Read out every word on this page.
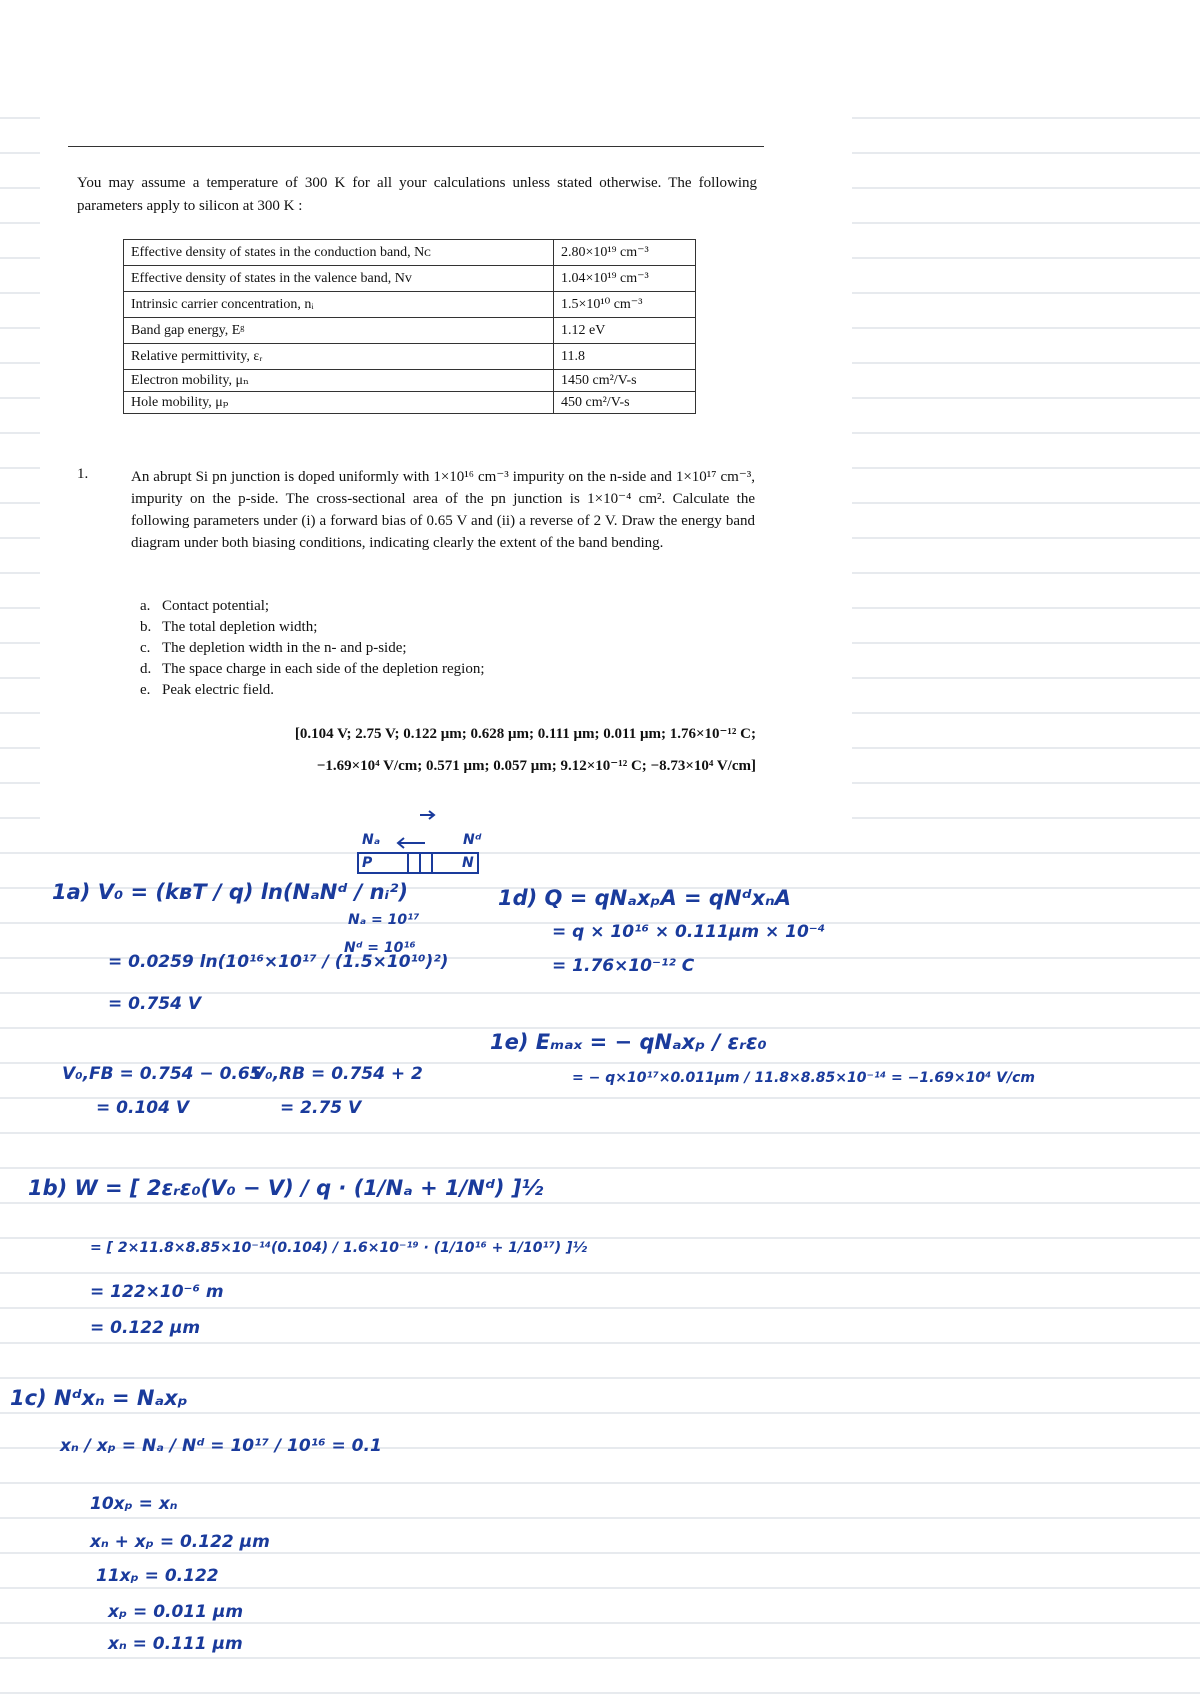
You may assume a temperature of 300 K for all your calculations unless stated otherwise. The following parameters apply to silicon at 300 K :
Effective density of states in the conduction band, Nᴄ	2.80×10¹⁹ cm⁻³
Effective density of states in the valence band, Nᴠ	1.04×10¹⁹ cm⁻³
Intrinsic carrier concentration, nᵢ	1.5×10¹⁰ cm⁻³
Band gap energy, Eᵍ	1.12 eV
Relative permittivity, εᵣ	11.8
Electron mobility, μₙ	1450 cm²/V-s
Hole mobility, μₚ	450 cm²/V-s
1.	An abrupt Si pn junction is doped uniformly with 1×10¹⁶ cm⁻³ impurity on the n-side and 1×10¹⁷ cm⁻³, impurity on the p-side. The cross-sectional area of the pn junction is 1×10⁻⁴ cm². Calculate the following parameters under (i) a forward bias of 0.65 V and (ii) a reverse of 2 V. Draw the energy band diagram under both biasing conditions, indicating clearly the extent of the band bending.
a. Contact potential;
b. The total depletion width;
c. The depletion width in the n- and p-side;
d. The space charge in each side of the depletion region;
e. Peak electric field.
[0.104 V; 2.75 V; 0.122 μm; 0.628 μm; 0.111 μm; 0.011 μm; 1.76×10⁻¹² C;
−1.69×10⁴ V/cm; 0.571 μm; 0.057 μm; 9.12×10⁻¹² C; −8.73×10⁴ V/cm]
Nₐ	Nᵈ
P	N
Nₐ = 10¹⁷
Nᵈ = 10¹⁶
1a) V₀ = (kʙT / q) ln(NₐNᵈ / nᵢ²)
= 0.0259 ln(10¹⁶×10¹⁷ / (1.5×10¹⁰)²)
= 0.754 V
V₀,FB = 0.754 − 0.65
= 0.104 V
V₀,RB = 0.754 + 2
= 2.75 V
1b) W = [ 2εᵣε₀(V₀ − V) / q · (1/Nₐ + 1/Nᵈ) ]½
= [ 2×11.8×8.85×10⁻¹⁴(0.104) / 1.6×10⁻¹⁹ · (1/10¹⁶ + 1/10¹⁷) ]½
= 122×10⁻⁶ m
= 0.122 μm
1c) Nᵈxₙ = Nₐxₚ
xₙ / xₚ = Nₐ / Nᵈ = 10¹⁷ / 10¹⁶ = 0.1
10xₚ = xₙ
xₙ + xₚ = 0.122 μm
11xₚ = 0.122
xₚ = 0.011 μm
xₙ = 0.111 μm
1d) Q = qNₐxₚA = qNᵈxₙA
= q × 10¹⁶ × 0.111μm × 10⁻⁴
= 1.76×10⁻¹² C
1e) Eₘₐₓ = − qNₐxₚ / εᵣε₀
= − q×10¹⁷×0.011μm / 11.8×8.85×10⁻¹⁴ = −1.69×10⁴ V/cm
